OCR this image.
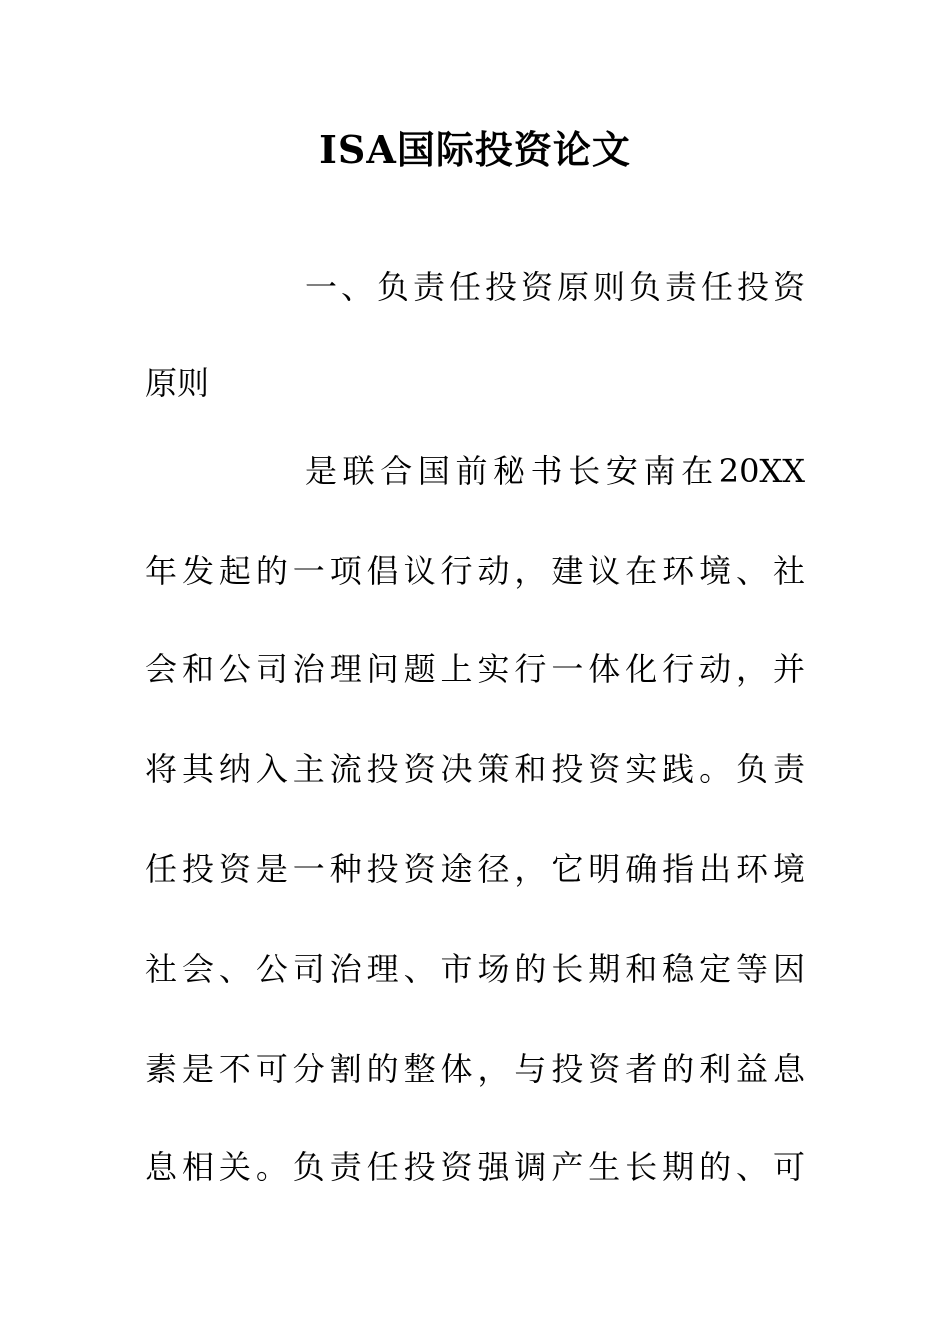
ISA国际投资论文
一、负责任投资原则负责任投资
原则
是联合国前秘书长安南在20XX
年发起的一项倡议行动，建议在环境、社
会和公司治理问题上实行一体化行动，并
将其纳入主流投资决策和投资实践。负责
任投资是一种投资途径，它明确指出环境
社会、公司治理、市场的长期和稳定等因
素是不可分割的整体，与投资者的利益息
息相关。负责任投资强调产生长期的、可
